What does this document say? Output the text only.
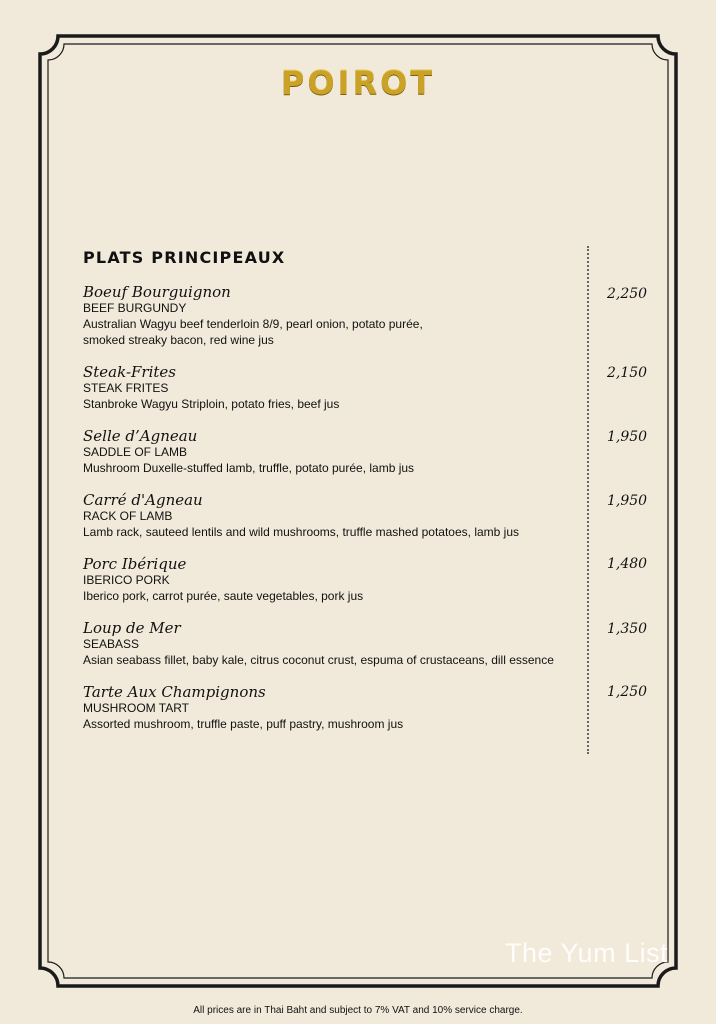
POIROT
PLATS PRINCIPEAUX
Boeuf Bourguignon
BEEF BURGUNDY
Australian Wagyu beef tenderloin 8/9, pearl onion, potato purée, smoked streaky bacon, red wine jus
2,250
Steak-Frites
STEAK FRITES
Stanbroke Wagyu Striploin, potato fries, beef jus
2,150
Selle d’Agneau
SADDLE OF LAMB
Mushroom Duxelle-stuffed lamb, truffle, potato purée, lamb jus
1,950
Carré d'Agneau
RACK OF LAMB
Lamb rack, sauteed lentils and wild mushrooms, truffle mashed potatoes, lamb jus
1,950
Porc Ibérique
IBERICO PORK
Iberico pork, carrot purée, saute vegetables, pork jus
1,480
Loup de Mer
SEABASS
Asian seabass fillet, baby kale, citrus coconut crust, espuma of crustaceans, dill essence
1,350
Tarte Aux Champignons
MUSHROOM TART
Assorted mushroom, truffle paste, puff pastry, mushroom jus
1,250
The Yum List
All prices are in Thai Baht and subject to 7% VAT and 10% service charge.
